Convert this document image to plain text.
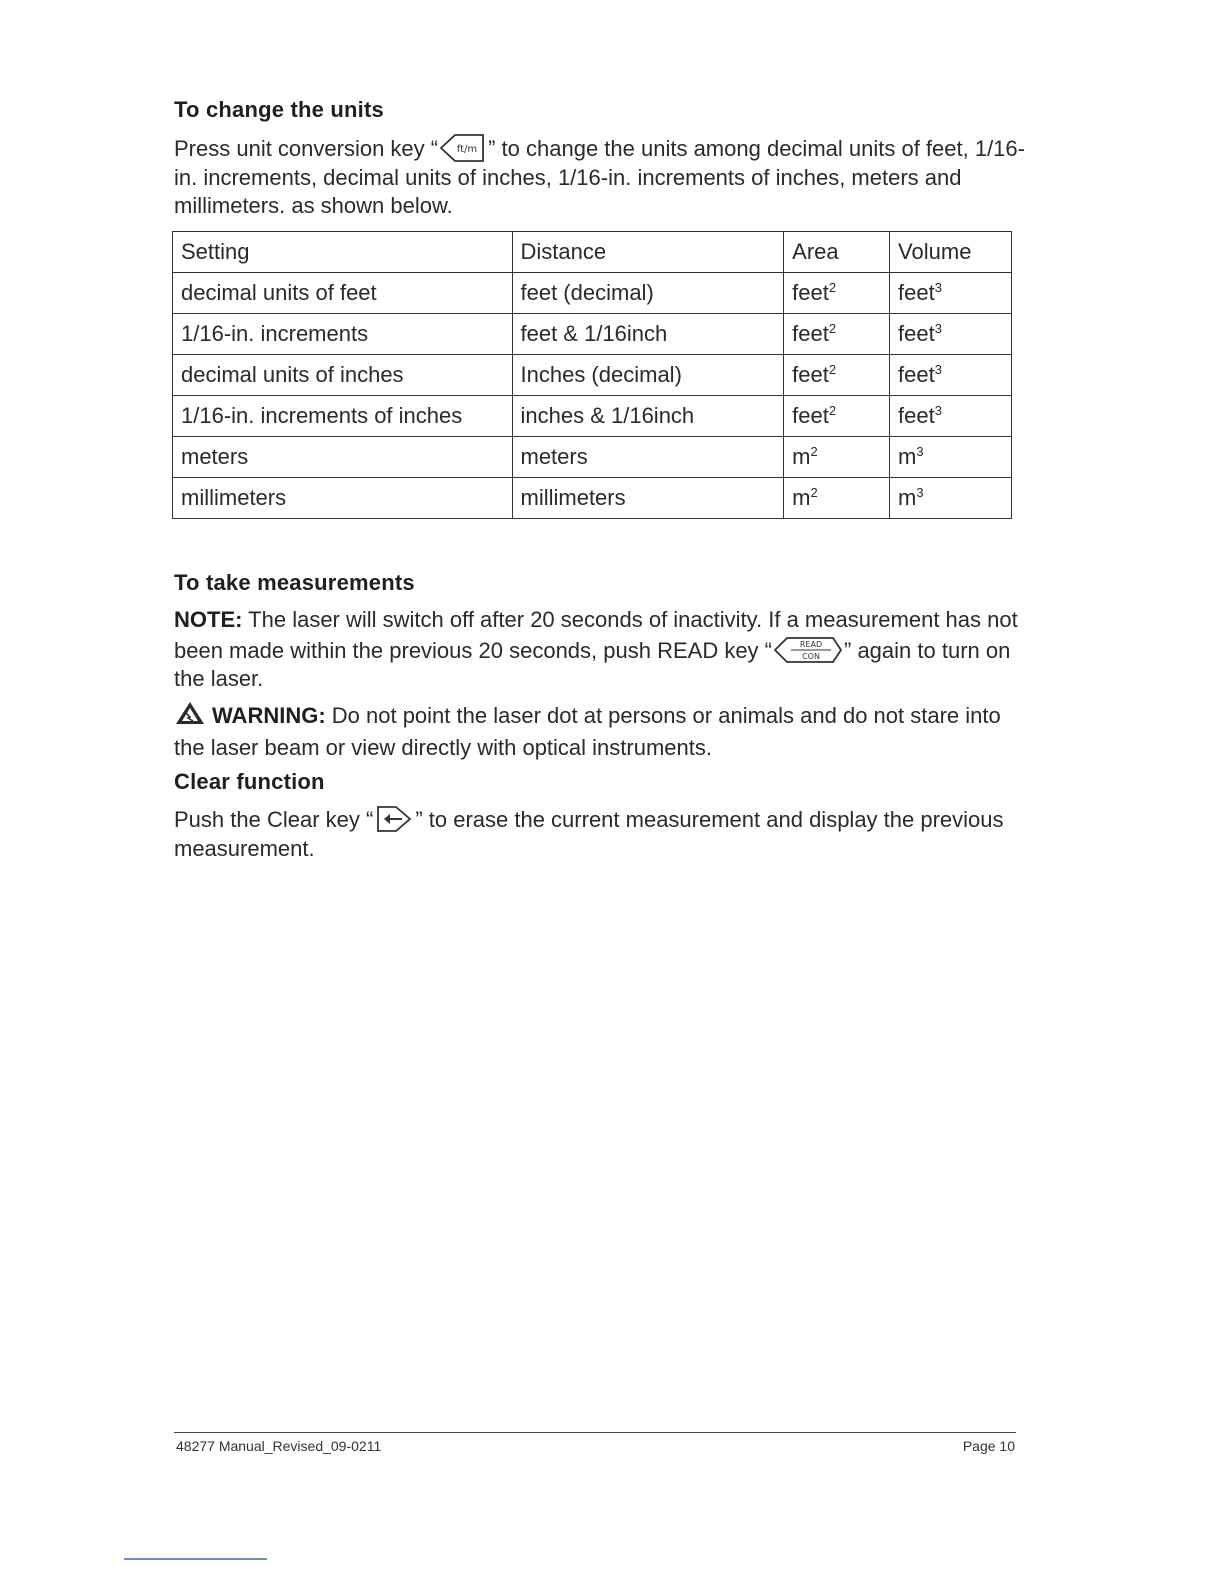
To change the units

Press unit conversion key “ ft/m ” to change the units among decimal units of feet, 1/16-in. increments, decimal units of inches, 1/16-in. increments of inches, meters and millimeters. as shown below.

Setting	Distance	Area	Volume
decimal units of feet	feet (decimal)	feet$^2$	feet$^3$
1/16-in. increments	feet & 1/16inch	feet$^2$	feet$^3$
decimal units of inches	Inches (decimal)	feet$^2$	feet$^3$
1/16-in. increments of inches	inches & 1/16inch	feet$^2$	feet$^3$
meters	meters	$m^2$	$m^3$
millimeters	millimeters	$m^2$	$m^3$
To take measurements

NOTE: The laser will switch off after 20 seconds of inactivity. If a measurement has not been made within the previous 20 seconds, push READ key “	READ
CON ” again to turn on the laser.

WARNING: Do not point the laser dot at persons or animals and do not stare into the laser beam or view directly with optical instruments.

Clear function

Push the Clear key “ ” to erase the current measurement and display the previous measurement.

48277 Manual_Revised_09-0211	Page 10
